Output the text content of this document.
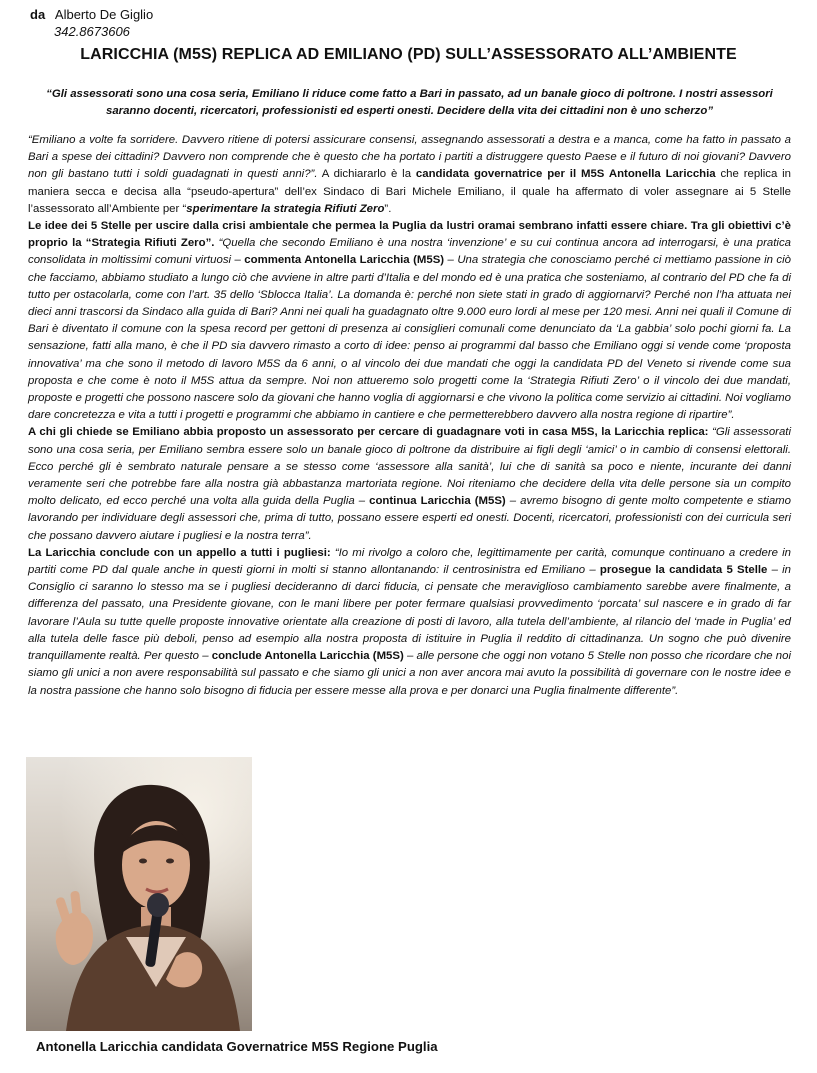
da Alberto De Giglio
342.8673606
LARICCHIA (M5S) REPLICA AD EMILIANO (PD) SULL’ASSESSORATO ALL’AMBIENTE
“Gli assessorati sono una cosa seria, Emiliano li riduce come fatto a Bari in passato, ad un banale gioco di poltrone. I nostri assessori saranno docenti, ricercatori, professionisti ed esperti onesti. Decidere della vita dei cittadini non è uno scherzo”

“Emiliano a volte fa sorridere. Davvero ritiene di potersi assicurare consensi, assegnando assessorati a destra e a manca, come ha fatto in passato a Bari a spese dei cittadini? Davvero non comprende che è questo che ha portato i partiti a distruggere questo Paese e il futuro di noi giovani? Davvero non gli bastano tutti i soldi guadagnati in questi anni?”. A dichiararlo è la candidata governatrice per il M5S Antonella Laricchia che replica in maniera secca e decisa alla “pseudo-apertura” dell’ex Sindaco di Bari Michele Emiliano, il quale ha affermato di voler assegnare ai 5 Stelle l’assessorato all’Ambiente per “sperimentare la strategia Rifiuti Zero”.

Le idee dei 5 Stelle per uscire dalla crisi ambientale che permea la Puglia da lustri oramai sembrano infatti essere chiare. Tra gli obiettivi c’è proprio la “Strategia Rifiuti Zero”. “Quella che secondo Emiliano è una nostra ‘invenzione’ e su cui continua ancora ad interrogarsi, è una pratica consolidata in moltissimi comuni virtuosi – commenta Antonella Laricchia (M5S) – Una strategia che conosciamo perché ci mettiamo passione in ciò che facciamo, abbiamo studiato a lungo ciò che avviene in altre parti d’Italia e del mondo ed è una pratica che sosteniamo, al contrario del PD che fa di tutto per ostacolarla, come con l’art. 35 dello ‘Sblocca Italia’. La domanda è: perché non siete stati in grado di aggiornarvi? Perché non l’ha attuata nei dieci anni trascorsi da Sindaco alla guida di Bari? Anni nei quali ha guadagnato oltre 9.000 euro lordi al mese per 120 mesi. Anni nei quali il Comune di Bari è diventato il comune con la spesa record per gettoni di presenza ai consiglieri comunali come denunciato da ‘La gabbia’ solo pochi giorni fa. La sensazione, fatti alla mano, è che il PD sia davvero rimasto a corto di idee: penso ai programmi dal basso che Emiliano oggi si vende come ‘proposta innovativa’ ma che sono il metodo di lavoro M5S da 6 anni, o al vincolo dei due mandati che oggi la candidata PD del Veneto si rivende come sua proposta e che come è noto il M5S attua da sempre. Noi non attueremo solo progetti come la ‘Strategia Rifiuti Zero’ o il vincolo dei due mandati, proposte e progetti che possono nascere solo da giovani che hanno voglia di aggiornarsi e che vivono la politica come servizio ai cittadini. Noi vogliamo dare concretezza e vita a tutti i progetti e programmi che abbiamo in cantiere e che permetterebbero davvero alla nostra regione di ripartire”.

A chi gli chiede se Emiliano abbia proposto un assessorato per cercare di guadagnare voti in casa M5S, la Laricchia replica: “Gli assessorati sono una cosa seria, per Emiliano sembra essere solo un banale gioco di poltrone da distribuire ai figli degli ‘amici’ o in cambio di consensi elettorali. Ecco perché gli è sembrato naturale pensare a se stesso come ‘assessore alla sanità’, lui che di sanità sa poco e niente, incurante dei danni veramente seri che potrebbe fare alla nostra già abbastanza martoriata regione. Noi riteniamo che decidere della vita delle persone sia un compito molto delicato, ed ecco perché una volta alla guida della Puglia – continua Laricchia (M5S) – avremo bisogno di gente molto competente e stiamo lavorando per individuare degli assessori che, prima di tutto, possano essere esperti ed onesti. Docenti, ricercatori, professionisti con dei curricula seri che possano davvero aiutare i pugliesi e la nostra terra”.

La Laricchia conclude con un appello a tutti i pugliesi: “Io mi rivolgo a coloro che, legittimamente per carità, comunque continuano a credere in partiti come PD dal quale anche in questi giorni in molti si stanno allontanando: il centrosinistra ed Emiliano – prosegue la candidata 5 Stelle – in Consiglio ci saranno lo stesso ma se i pugliesi decideranno di darci fiducia, ci pensate che meraviglioso cambiamento sarebbe avere finalmente, a differenza del passato, una Presidente giovane, con le mani libere per poter fermare qualsiasi provvedimento ‘porcata’ sul nascere e in grado di far lavorare l’Aula su tutte quelle proposte innovative orientate alla creazione di posti di lavoro, alla tutela dell’ambiente, al rilancio del ‘made in Puglia’ ed alla tutela delle fasce più deboli, penso ad esempio alla nostra proposta di istituire in Puglia il reddito di cittadinanza. Un sogno che può divenire tranquillamente realtà. Per questo – conclude Antonella Laricchia (M5S) – alle persone che oggi non votano 5 Stelle non posso che ricordare che noi siamo gli unici a non avere responsabilità sul passato e che siamo gli unici a non aver ancora mai avuto la possibilità di governare con le nostre idee e la nostra passione che hanno solo bisogno di fiducia per essere messe alla prova e per donarci una Puglia finalmente differente”.

Antonella Laricchia candidata Governatrice M5S Regione Puglia
